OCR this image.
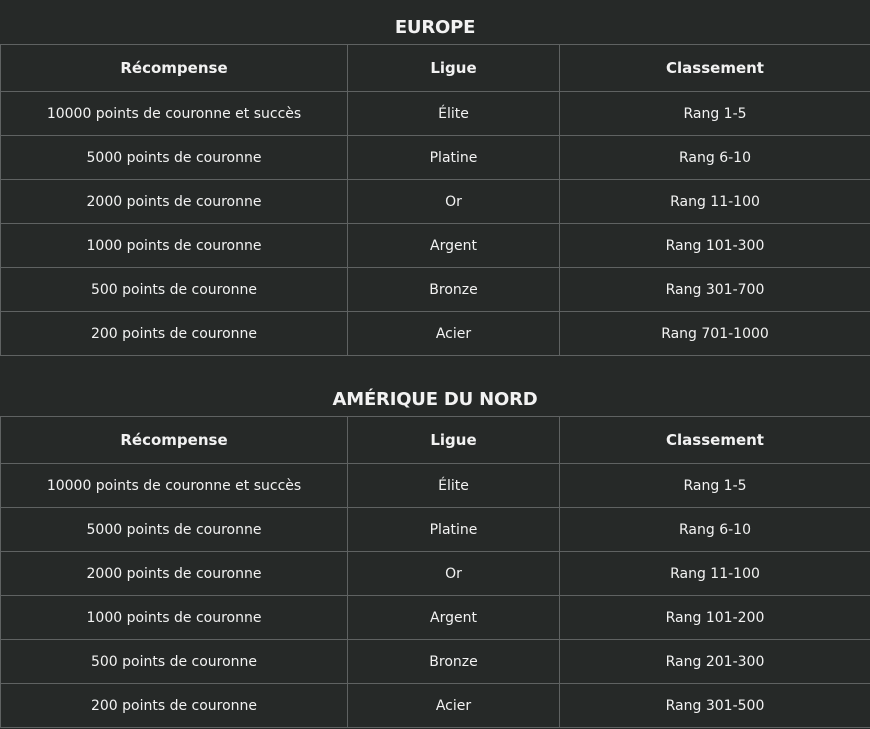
EUROPE
Récompense	Ligue	Classement
10000 points de couronne et succès	Élite	Rang 1-5
5000 points de couronne	Platine	Rang 6-10
2000 points de couronne	Or	Rang 11-100
1000 points de couronne	Argent	Rang 101-300
500 points de couronne	Bronze	Rang 301-700
200 points de couronne	Acier	Rang 701-1000
AMÉRIQUE DU NORD
Récompense	Ligue	Classement
10000 points de couronne et succès	Élite	Rang 1-5
5000 points de couronne	Platine	Rang 6-10
2000 points de couronne	Or	Rang 11-100
1000 points de couronne	Argent	Rang 101-200
500 points de couronne	Bronze	Rang 201-300
200 points de couronne	Acier	Rang 301-500
